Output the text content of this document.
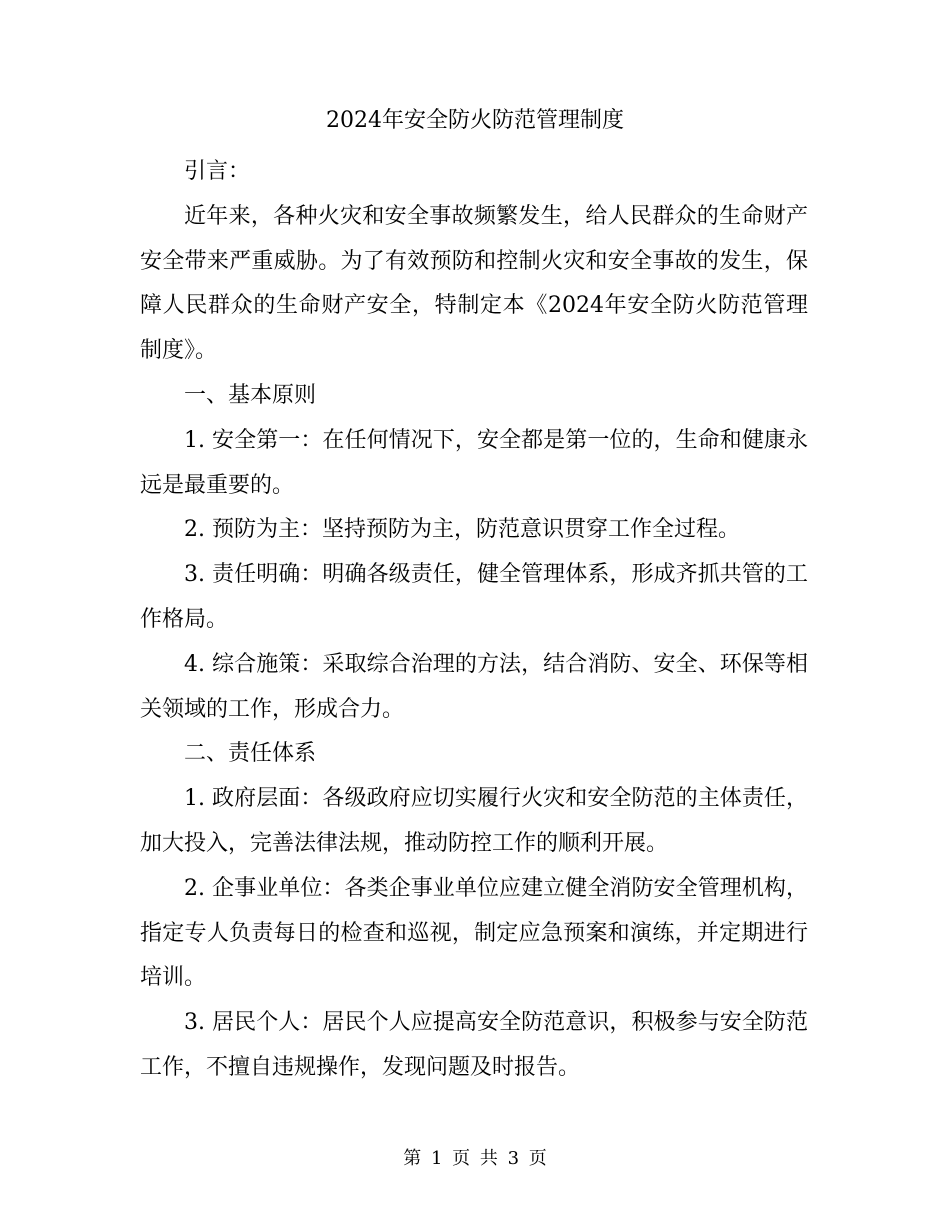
2024年安全防火防范管理制度

引言：

近年来，各种火灾和安全事故频繁发生，给人民群众的生命财产安全带来严重威胁。为了有效预防和控制火灾和安全事故的发生，保障人民群众的生命财产安全，特制定本《2024年安全防火防范管理制度》。

一、基本原则

1. 安全第一：在任何情况下，安全都是第一位的，生命和健康永远是最重要的。

2. 预防为主：坚持预防为主，防范意识贯穿工作全过程。

3. 责任明确：明确各级责任，健全管理体系，形成齐抓共管的工作格局。

4. 综合施策：采取综合治理的方法，结合消防、安全、环保等相关领域的工作，形成合力。

二、责任体系

1. 政府层面：各级政府应切实履行火灾和安全防范的主体责任，加大投入，完善法律法规，推动防控工作的顺利开展。

2. 企事业单位：各类企事业单位应建立健全消防安全管理机构，指定专人负责每日的检查和巡视，制定应急预案和演练，并定期进行培训。

3. 居民个人：居民个人应提高安全防范意识，积极参与安全防范工作，不擅自违规操作，发现问题及时报告。

第 1 页 共 3 页
